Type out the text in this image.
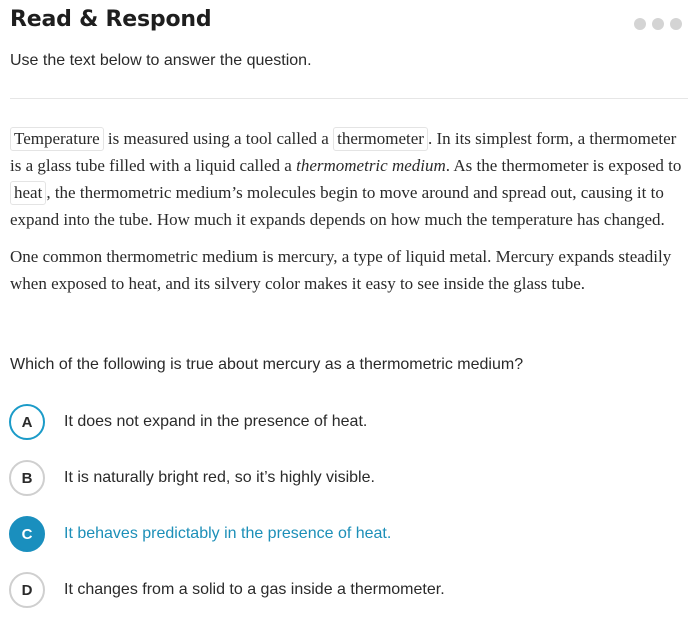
Read & Respond
Use the text below to answer the question.

Temperature is measured using a tool called a thermometer . In its simplest form, a thermometer is a glass tube filled with a liquid called a thermometric medium. As the thermometer is exposed to heat , the thermometric medium’s molecules begin to move around and spread out, causing it to expand into the tube. How much it expands depends on how much the temperature has changed.

One common thermometric medium is mercury, a type of liquid metal. Mercury expands steadily when exposed to heat, and its silvery color makes it easy to see inside the glass tube.

Which of the following is true about mercury as a thermometric medium?
A	It does not expand in the presence of heat.
B	It is naturally bright red, so it’s highly visible.
C	It behaves predictably in the presence of heat.
D	It changes from a solid to a gas inside a thermometer.
